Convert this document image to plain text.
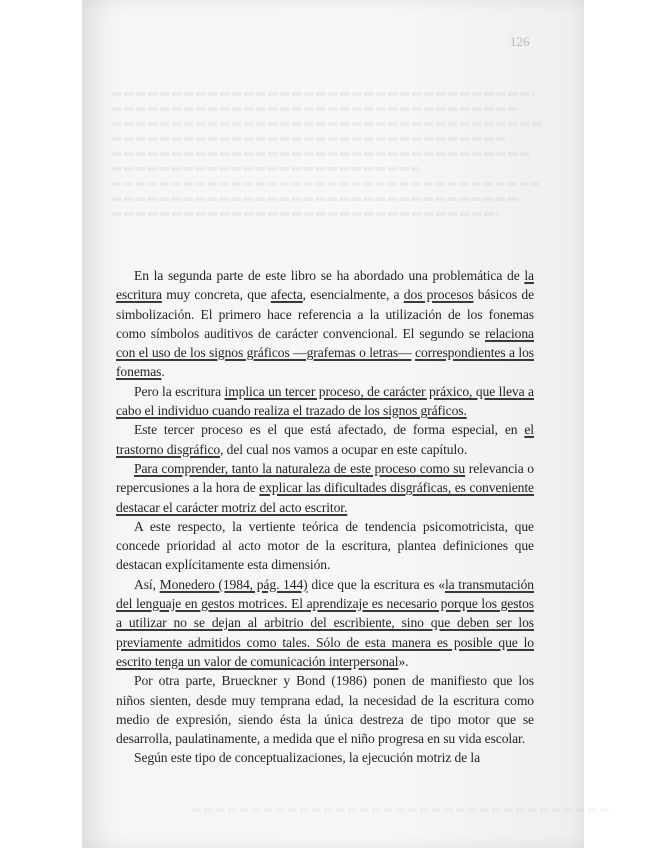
126

En la segunda parte de este libro se ha abordado una problemática de la escritura muy concreta, que afecta, esencialmente, a dos procesos básicos de simbolización. El primero hace referencia a la utilización de los fonemas como símbolos auditivos de carácter convencional. El segundo se relaciona con el uso de los signos gráficos —grafemas o letras— correspondientes a los fonemas.

Pero la escritura implica un tercer proceso, de carácter práxico, que lleva a cabo el individuo cuando realiza el trazado de los signos gráficos.

Este tercer proceso es el que está afectado, de forma especial, en el trastorno disgráfico, del cual nos vamos a ocupar en este capítulo.

Para comprender, tanto la naturaleza de este proceso como su relevancia o repercusiones a la hora de explicar las dificultades disgráficas, es conveniente destacar el carácter motriz del acto escritor.

A este respecto, la vertiente teórica de tendencia psicomotricista, que concede prioridad al acto motor de la escritura, plantea definiciones que destacan explícitamente esta dimensión.

Así, Monedero (1984, pág. 144) dice que la escritura es «la transmutación del lenguaje en gestos motrices. El aprendizaje es necesario porque los gestos a utilizar no se dejan al arbitrio del escribiente, sino que deben ser los previamente admitidos como tales. Sólo de esta manera es posible que lo escrito tenga un valor de comunicación interpersonal».

Por otra parte, Brueckner y Bond (1986) ponen de manifiesto que los niños sienten, desde muy temprana edad, la necesidad de la escritura como medio de expresión, siendo ésta la única destreza de tipo motor que se desarrolla, paulatinamente, a medida que el niño progresa en su vida escolar.

Según este tipo de conceptualizaciones, la ejecución motriz de la
